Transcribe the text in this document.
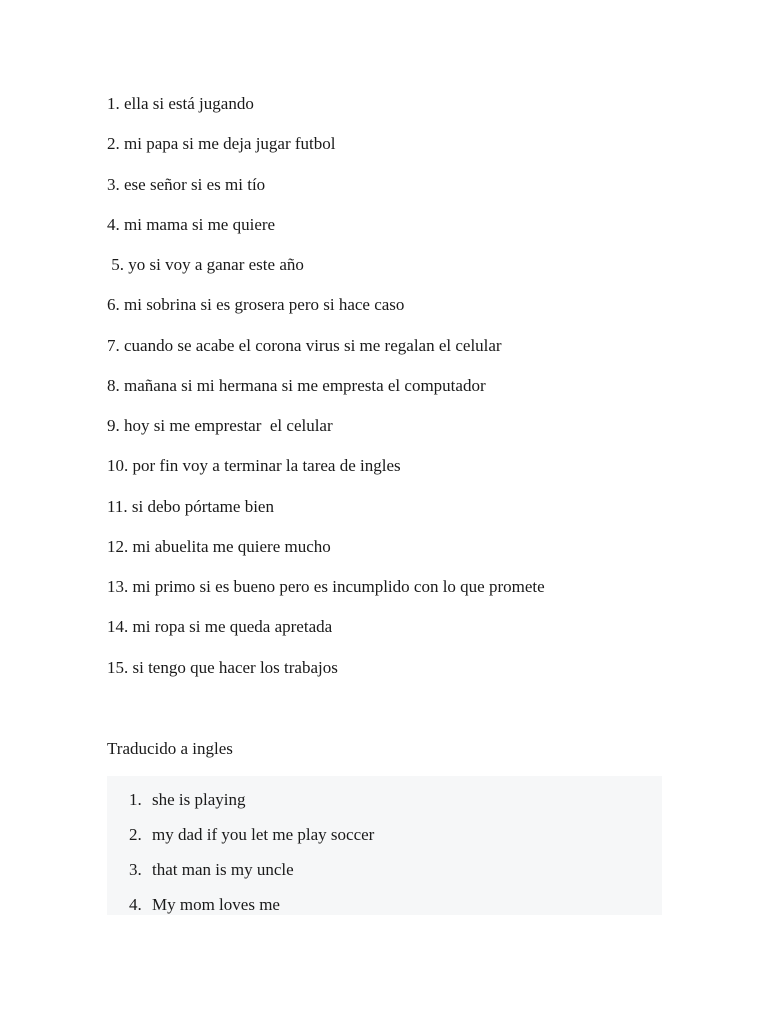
1. ella si está jugando
2. mi papa si me deja jugar futbol
3. ese señor si es mi tío
4. mi mama si me quiere
5. yo si voy a ganar este año
6. mi sobrina si es grosera pero si hace caso
7. cuando se acabe el corona virus si me regalan el celular
8. mañana si mi hermana si me empresta el computador
9. hoy si me emprestar  el celular
10. por fin voy a terminar la tarea de ingles
11. si debo pórtame bien
12. mi abuelita me quiere mucho
13. mi primo si es bueno pero es incumplido con lo que promete
14. mi ropa si me queda apretada
15. si tengo que hacer los trabajos
Traducido a ingles
1. she is playing
2. my dad if you let me play soccer
3. that man is my uncle
4. My mom loves me
